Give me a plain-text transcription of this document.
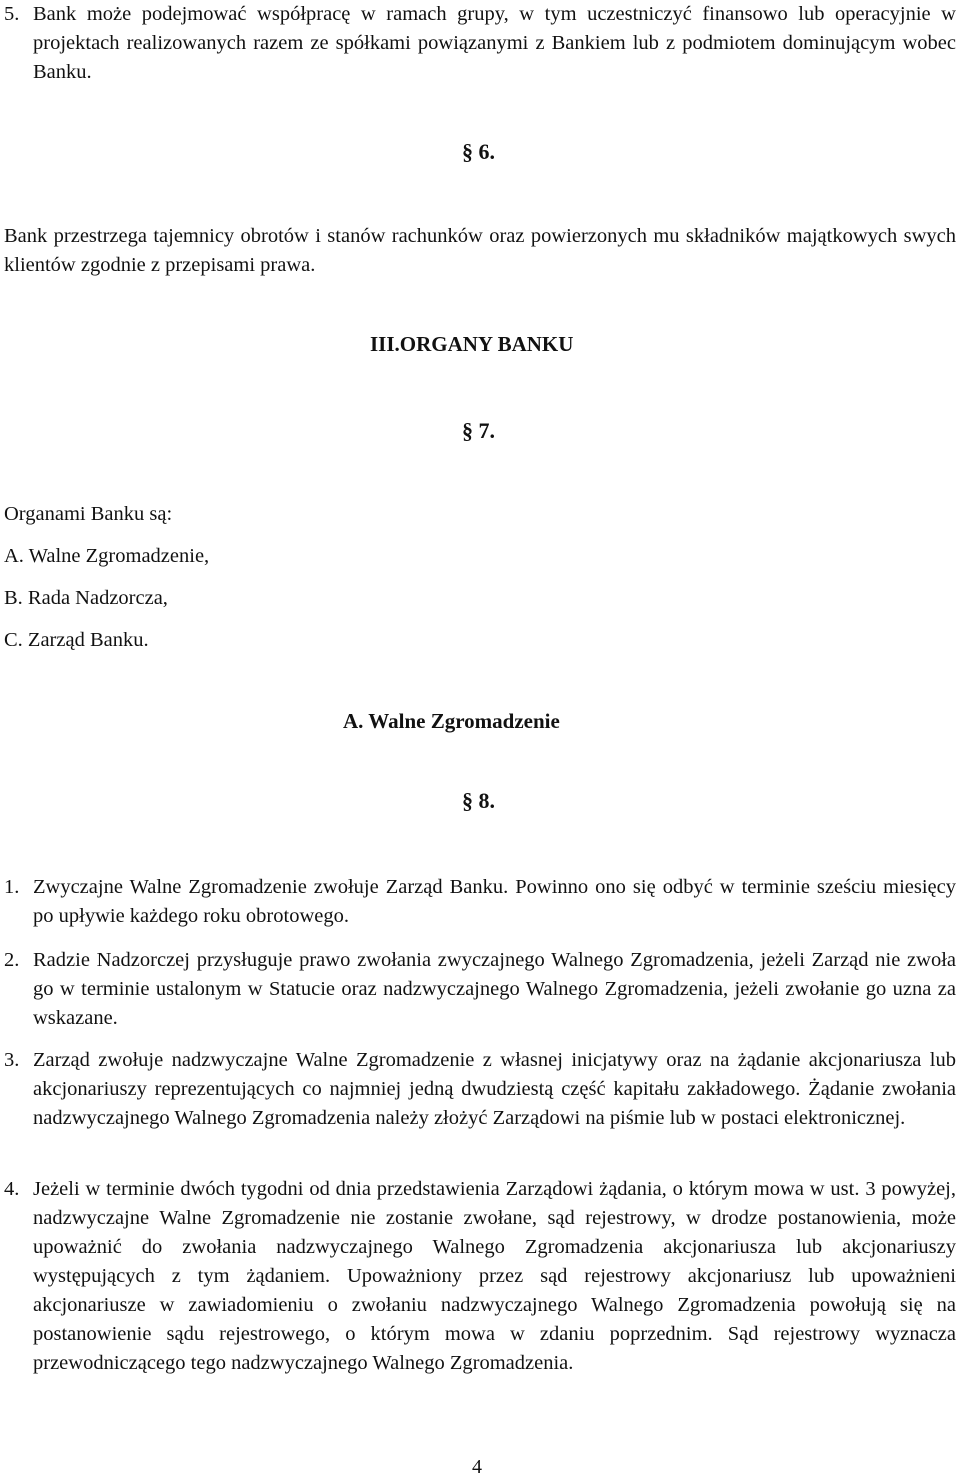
5. Bank może podejmować współpracę w ramach grupy, w tym uczestniczyć finansowo lub operacyjnie w projektach realizowanych razem ze spółkami powiązanymi z Bankiem lub z podmiotem dominującym wobec Banku.
§ 6.
Bank przestrzega tajemnicy obrotów i stanów rachunków oraz powierzonych mu składników majątkowych swych klientów zgodnie z przepisami prawa.
III.ORGANY BANKU
§ 7.
Organami Banku są:
A. Walne Zgromadzenie,
B. Rada Nadzorcza,
C. Zarząd Banku.
A. Walne Zgromadzenie
§ 8.
1. Zwyczajne Walne Zgromadzenie zwołuje Zarząd Banku. Powinno ono się odbyć w terminie sześciu miesięcy po upływie każdego roku obrotowego.
2. Radzie Nadzorczej przysługuje prawo zwołania zwyczajnego Walnego Zgromadzenia, jeżeli Zarząd nie zwoła go w terminie ustalonym w Statucie oraz nadzwyczajnego Walnego Zgromadzenia, jeżeli zwołanie go uzna za wskazane.
3. Zarząd zwołuje nadzwyczajne Walne Zgromadzenie z własnej inicjatywy oraz na żądanie akcjonariusza lub akcjonariuszy reprezentujących co najmniej jedną dwudziestą część kapitału zakładowego. Żądanie zwołania nadzwyczajnego Walnego Zgromadzenia należy złożyć Zarządowi na piśmie lub w postaci elektronicznej.
4. Jeżeli w terminie dwóch tygodni od dnia przedstawienia Zarządowi żądania, o którym mowa w ust. 3 powyżej, nadzwyczajne Walne Zgromadzenie nie zostanie zwołane, sąd rejestrowy, w drodze postanowienia, może upoważnić do zwołania nadzwyczajnego Walnego Zgromadzenia akcjonariusza lub akcjonariuszy występujących z tym żądaniem. Upoważniony przez sąd rejestrowy akcjonariusz lub upoważnieni akcjonariusze w zawiadomieniu o zwołaniu nadzwyczajnego Walnego Zgromadzenia powołują się na postanowienie sądu rejestrowego, o którym mowa w zdaniu poprzednim. Sąd rejestrowy wyznacza przewodniczącego tego nadzwyczajnego Walnego Zgromadzenia.
4
